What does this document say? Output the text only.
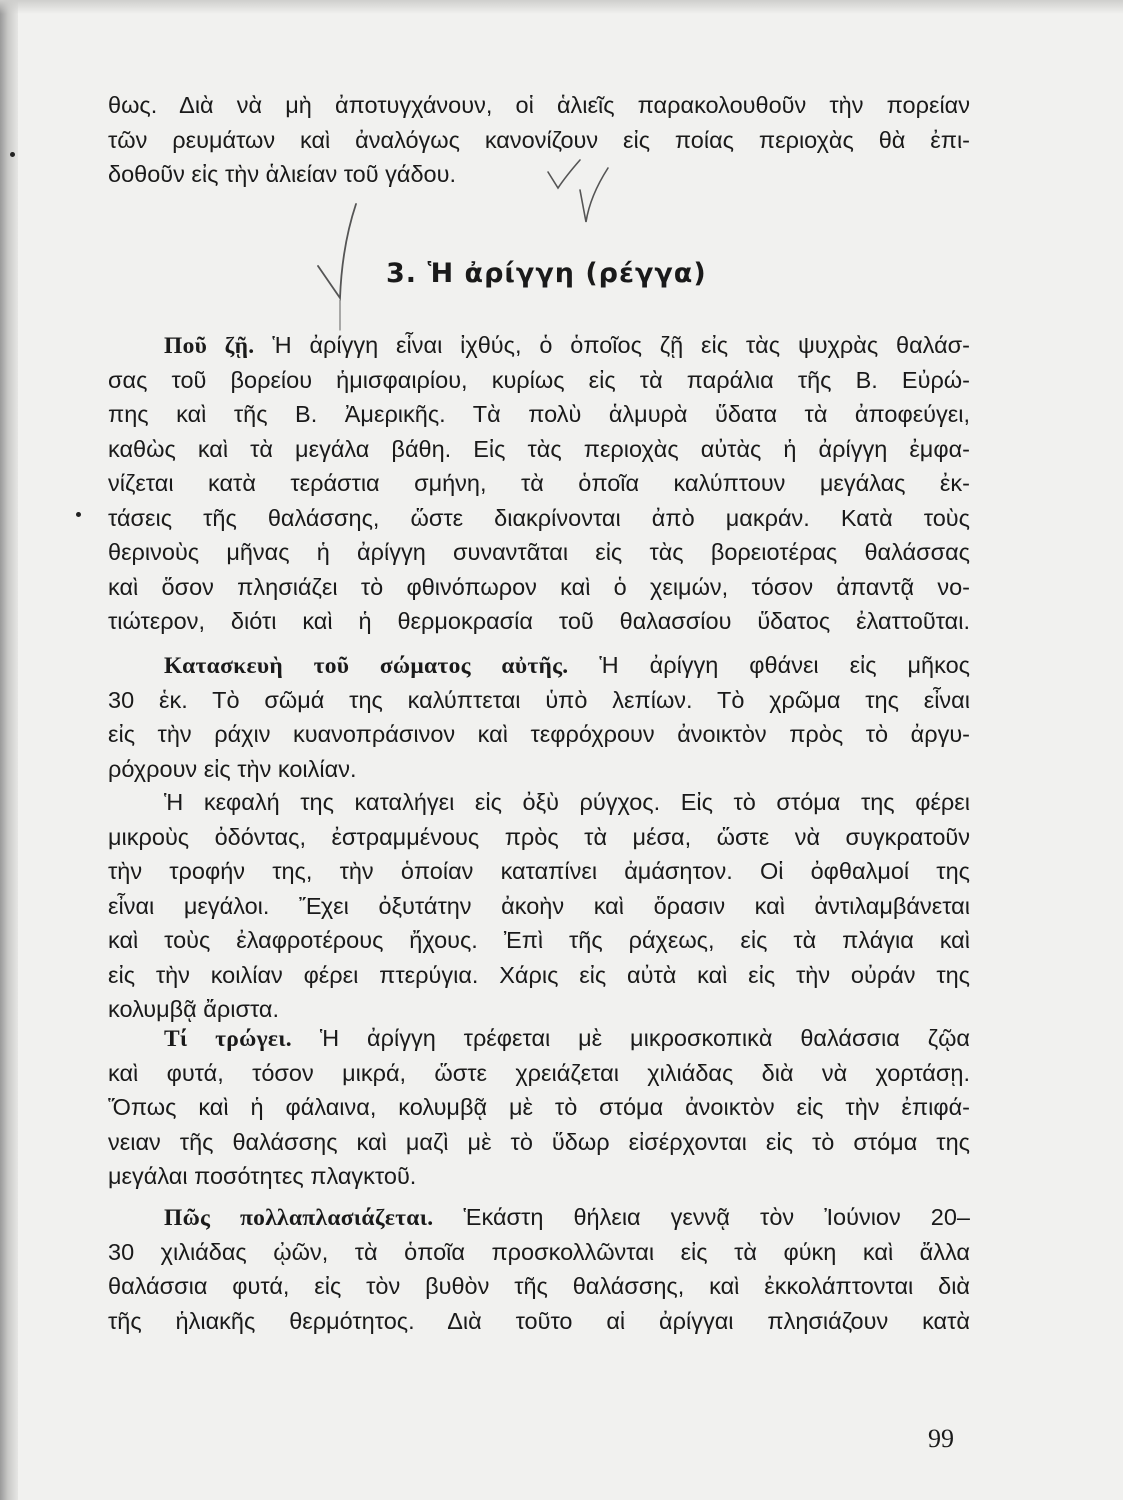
θως. Διὰ νὰ μὴ ἀποτυγχάνουν, οἱ ἁλιεῖς παρακολουθοῦν τὴν πορείαν
τῶν ρευμάτων καὶ ἀναλόγως κανονίζουν εἰς ποίας περιοχὰς θὰ ἐπι-
δοθοῦν εἰς τὴν ἁλιείαν τοῦ γάδου.
3. Ἡ ἀρίγγη (ρέγγα)
Ποῦ ζῇ. Ἡ ἀρίγγη εἶναι ἰχθύς, ὁ ὁποῖος ζῇ εἰς τὰς ψυχρὰς θαλάσ-
σας τοῦ βορείου ἡμισφαιρίου, κυρίως εἰς τὰ παράλια τῆς Β. Εὐρώ-
πης καὶ τῆς Β. Ἀμερικῆς. Τὰ πολὺ ἁλμυρὰ ὕδατα τὰ ἀποφεύγει,
καθὼς καὶ τὰ μεγάλα βάθη. Εἰς τὰς περιοχὰς αὐτὰς ἡ ἀρίγγη ἐμφα-
νίζεται κατὰ τεράστια σμήνη, τὰ ὁποῖα καλύπτουν μεγάλας ἐκ-
τάσεις τῆς θαλάσσης, ὥστε διακρίνονται ἀπὸ μακράν. Κατὰ τοὺς
θερινοὺς μῆνας ἡ ἀρίγγη συναντᾶται εἰς τὰς βορειοτέρας θαλάσσας
καὶ ὅσον πλησιάζει τὸ φθινόπωρον καὶ ὁ χειμών, τόσον ἀπαντᾷ νο-
τιώτερον, διότι καὶ ἡ θερμοκρασία τοῦ θαλασσίου ὕδατος ἐλαττοῦται.
Κατασκευὴ τοῦ σώματος αὐτῆς. Ἡ ἀρίγγη φθάνει εἰς μῆκος
30 ἑκ. Τὸ σῶμά της καλύπτεται ὑπὸ λεπίων. Τὸ χρῶμα της εἶναι
εἰς τὴν ράχιν κυανοπράσινον καὶ τεφρόχρουν ἀνοικτὸν πρὸς τὸ ἀργυ-
ρόχρουν εἰς τὴν κοιλίαν.
Ἡ κεφαλή της καταλήγει εἰς ὀξὺ ρύγχος. Εἰς τὸ στόμα της φέρει
μικροὺς ὀδόντας, ἐστραμμένους πρὸς τὰ μέσα, ὥστε νὰ συγκρατοῦν
τὴν τροφήν της, τὴν ὁποίαν καταπίνει ἀμάσητον. Οἱ ὀφθαλμοί της
εἶναι μεγάλοι. Ἔχει ὀξυτάτην ἀκοὴν καὶ ὅρασιν καὶ ἀντιλαμβάνεται
καὶ τοὺς ἐλαφροτέρους ἤχους. Ἐπὶ τῆς ράχεως, εἰς τὰ πλάγια καὶ
εἰς τὴν κοιλίαν φέρει πτερύγια. Χάρις εἰς αὐτὰ καὶ εἰς τὴν οὐράν της
κολυμβᾷ ἄριστα.
Τί τρώγει. Ἡ ἀρίγγη τρέφεται μὲ μικροσκοπικὰ θαλάσσια ζῷα
καὶ φυτά, τόσον μικρά, ὥστε χρειάζεται χιλιάδας διὰ νὰ χορτάσῃ.
Ὅπως καὶ ἡ φάλαινα, κολυμβᾷ μὲ τὸ στόμα ἀνοικτὸν εἰς τὴν ἐπιφά-
νειαν τῆς θαλάσσης καὶ μαζὶ μὲ τὸ ὕδωρ εἰσέρχονται εἰς τὸ στόμα της
μεγάλαι ποσότητες πλαγκτοῦ.
Πῶς πολλαπλασιάζεται. Ἑκάστη θήλεια γεννᾷ τὸν Ἰούνιον 20–
30 χιλιάδας ᾠῶν, τὰ ὁποῖα προσκολλῶνται εἰς τὰ φύκη καὶ ἄλλα
θαλάσσια φυτά, εἰς τὸν βυθὸν τῆς θαλάσσης, καὶ ἐκκολάπτονται διὰ
τῆς ἡλιακῆς θερμότητος. Διὰ τοῦτο αἱ ἀρίγγαι πλησιάζουν κατὰ
99
